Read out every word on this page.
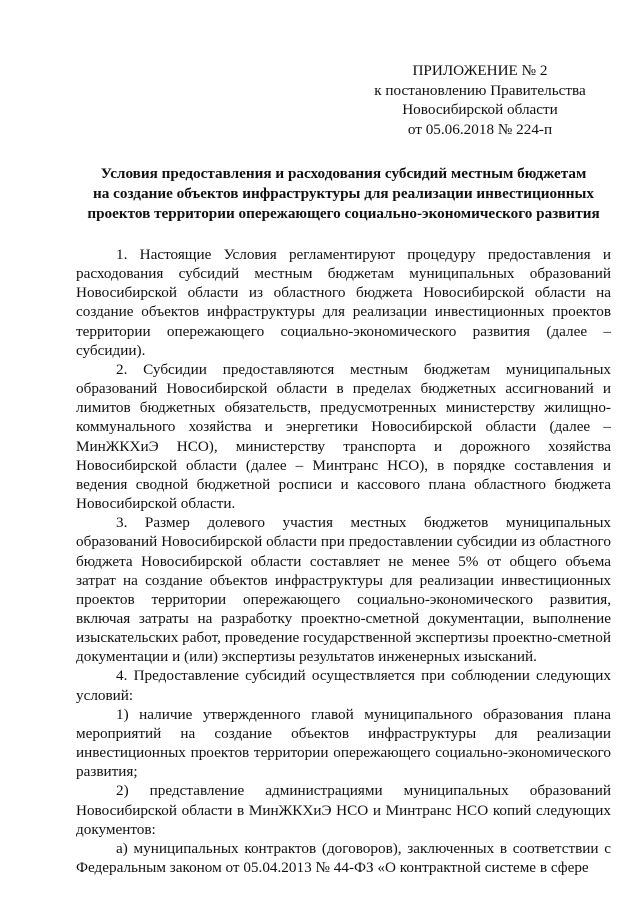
ПРИЛОЖЕНИЕ № 2
к постановлению Правительства
Новосибирской области
от 05.06.2018 № 224-п
Условия предоставления и расходования субсидий местным бюджетам
на создание объектов инфраструктуры для реализации инвестиционных
проектов территории опережающего социально-экономического развития

1. Настоящие Условия регламентируют процедуру предоставления и расходования субсидий местным бюджетам муниципальных образований Новосибирской области из областного бюджета Новосибирской области на создание объектов инфраструктуры для реализации инвестиционных проектов территории опережающего социально-экономического развития (далее – субсидии).

2. Субсидии предоставляются местным бюджетам муниципальных образований Новосибирской области в пределах бюджетных ассигнований и лимитов бюджетных обязательств, предусмотренных министерству жилищно-коммунального хозяйства и энергетики Новосибирской области (далее – МинЖКХиЭ НСО), министерству транспорта и дорожного хозяйства Новосибирской области (далее – Минтранс НСО), в порядке составления и ведения сводной бюджетной росписи и кассового плана областного бюджета Новосибирской области.

3. Размер долевого участия местных бюджетов муниципальных образований Новосибирской области при предоставлении субсидии из областного бюджета Новосибирской области составляет не менее 5% от общего объема затрат на создание объектов инфраструктуры для реализации инвестиционных проектов территории опережающего социально-экономического развития, включая затраты на разработку проектно-сметной документации, выполнение изыскательских работ, проведение государственной экспертизы проектно-сметной документации и (или) экспертизы результатов инженерных изысканий.

4. Предоставление субсидий осуществляется при соблюдении следующих условий:

1) наличие утвержденного главой муниципального образования плана мероприятий на создание объектов инфраструктуры для реализации инвестиционных проектов территории опережающего социально-экономического развития;

2) представление администрациями муниципальных образований Новосибирской области в МинЖКХиЭ НСО и Минтранс НСО копий следующих документов:

а) муниципальных контрактов (договоров), заключенных в соответствии с Федеральным законом от 05.04.2013 № 44-ФЗ «О контрактной системе в сфере
